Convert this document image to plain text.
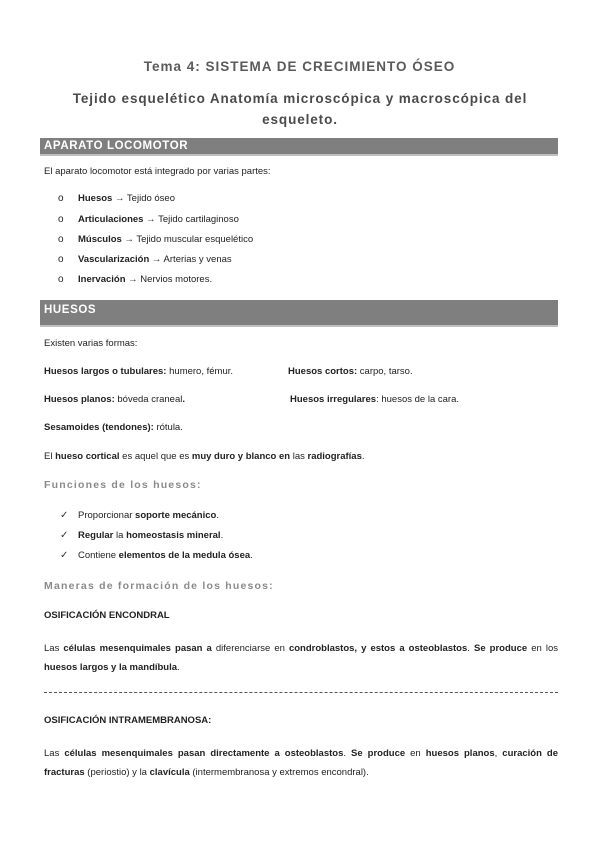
Tema 4: SISTEMA DE CRECIMIENTO ÓSEO
Tejido esquelético Anatomía microscópica y macroscópica del esqueleto.
APARATO LOCOMOTOR
El aparato locomotor está integrado por varias partes:
o Huesos → Tejido óseo
o Articulaciones → Tejido cartilaginoso
o Músculos → Tejido muscular esquelético
o Vascularización → Arterias y venas
o Inervación → Nervios motores.
HUESOS
Existen varias formas:
Huesos largos o tubulares: humero, fémur.	Huesos cortos: carpo, tarso.
Huesos planos: bóveda craneal.	Huesos irregulares: huesos de la cara.
Sesamoides (tendones): rótula.
El hueso cortical es aquel que es muy duro y blanco en las radiografías.
Funciones de los huesos:
✓ Proporcionar soporte mecánico.
✓ Regular la homeostasis mineral.
✓ Contiene elementos de la medula ósea.
Maneras de formación de los huesos:
OSIFICACIÓN ENCONDRAL
Las células mesenquimales pasan a diferenciarse en condroblastos, y estos a osteoblastos. Se produce en los huesos largos y la mandíbula.
OSIFICACIÓN INTRAMEMBRANOSA:
Las células mesenquimales pasan directamente a osteoblastos. Se produce en huesos planos, curación de fracturas (periostio) y la clavícula (intermembranosa y extremos encondral).
